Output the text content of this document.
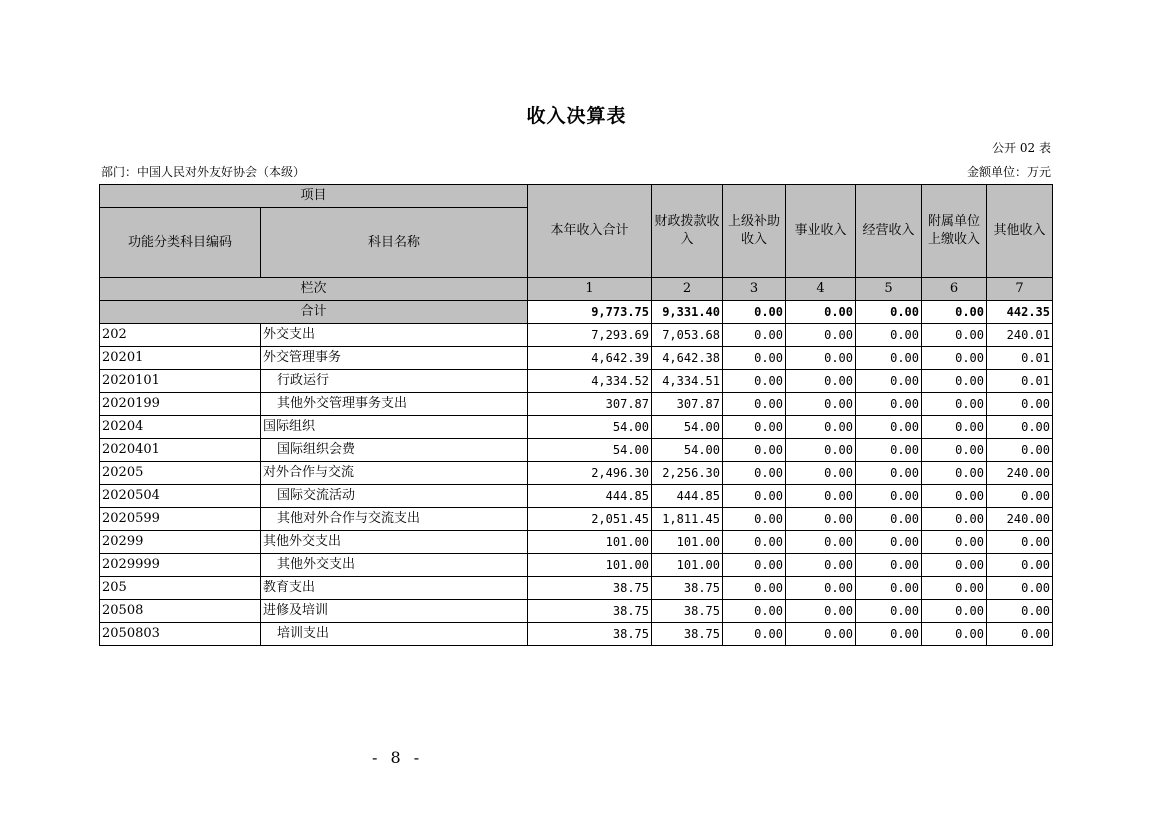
收入决算表
公开 02 表
部门：中国人民对外友好协会（本级）	金额单位：万元
项目		本年收入合计	财政拨款收入	上级补助收入	事业收入	经营收入	附属单位上缴收入	其他收入
功能分类科目编码	科目名称							
栏次		1	2	3	4	5	6	7
合计		9,773.75	9,331.40	0.00	0.00	0.00	0.00	442.35
202	外交支出	7,293.69	7,053.68	0.00	0.00	0.00	0.00	240.01
20201	外交管理事务	4,642.39	4,642.38	0.00	0.00	0.00	0.00	0.01
2020101	行政运行	4,334.52	4,334.51	0.00	0.00	0.00	0.00	0.01
2020199	其他外交管理事务支出	307.87	307.87	0.00	0.00	0.00	0.00	0.00
20204	国际组织	54.00	54.00	0.00	0.00	0.00	0.00	0.00
2020401	国际组织会费	54.00	54.00	0.00	0.00	0.00	0.00	0.00
20205	对外合作与交流	2,496.30	2,256.30	0.00	0.00	0.00	0.00	240.00
2020504	国际交流活动	444.85	444.85	0.00	0.00	0.00	0.00	0.00
2020599	其他对外合作与交流支出	2,051.45	1,811.45	0.00	0.00	0.00	0.00	240.00
20299	其他外交支出	101.00	101.00	0.00	0.00	0.00	0.00	0.00
2029999	其他外交支出	101.00	101.00	0.00	0.00	0.00	0.00	0.00
205	教育支出	38.75	38.75	0.00	0.00	0.00	0.00	0.00
20508	进修及培训	38.75	38.75	0.00	0.00	0.00	0.00	0.00
2050803	培训支出	38.75	38.75	0.00	0.00	0.00	0.00	0.00
- 8 -
